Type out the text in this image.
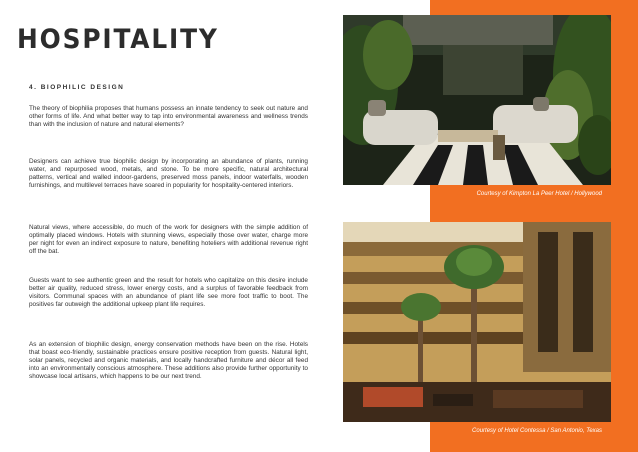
HOSPITALITY
4. BIOPHILIC DESIGN

The theory of biophilia proposes that humans possess an innate tendency to seek out nature and other forms of life. And what better way to tap into environmental awareness and wellness trends than with the inclusion of nature and natural elements?

Designers can achieve true biophilic design by incorporating an abundance of plants, running water, and repurposed wood, metals, and stone. To be more specific, natural architectural patterns, vertical and walled indoor-gardens, preserved moss panels, indoor waterfalls, wooden furnishings, and multilevel terraces have soared in popularity for hospitality-centered interiors.

Natural views, where accessible, do much of the work for designers with the simple addition of optimally placed windows. Hotels with stunning views, especially those over water, charge more per night for even an indirect exposure to nature, benefiting hoteliers with additional revenue right off the bat.

Guests want to see authentic green and the result for hotels who capitalize on this desire include better air quality, reduced stress, lower energy costs, and a surplus of favorable feedback from visitors. Communal spaces with an abundance of plant life see more foot traffic to boot. The positives far outweigh the additional upkeep plant life requires.

As an extension of biophilic design, energy conservation methods have been on the rise. Hotels that boast eco-friendly, sustainable practices ensure positive reception from guests. Natural light, solar panels, recycled and organic materials, and locally handcrafted furniture and décor all feed into an environmentally conscious atmosphere. These additions also provide further opportunity to showcase local artisans, which happens to be our next trend.

Courtesy of Kimpton La Peer Hotel / Hollywood

Courtesy of Hotel Contessa / San Antonio, Texas
